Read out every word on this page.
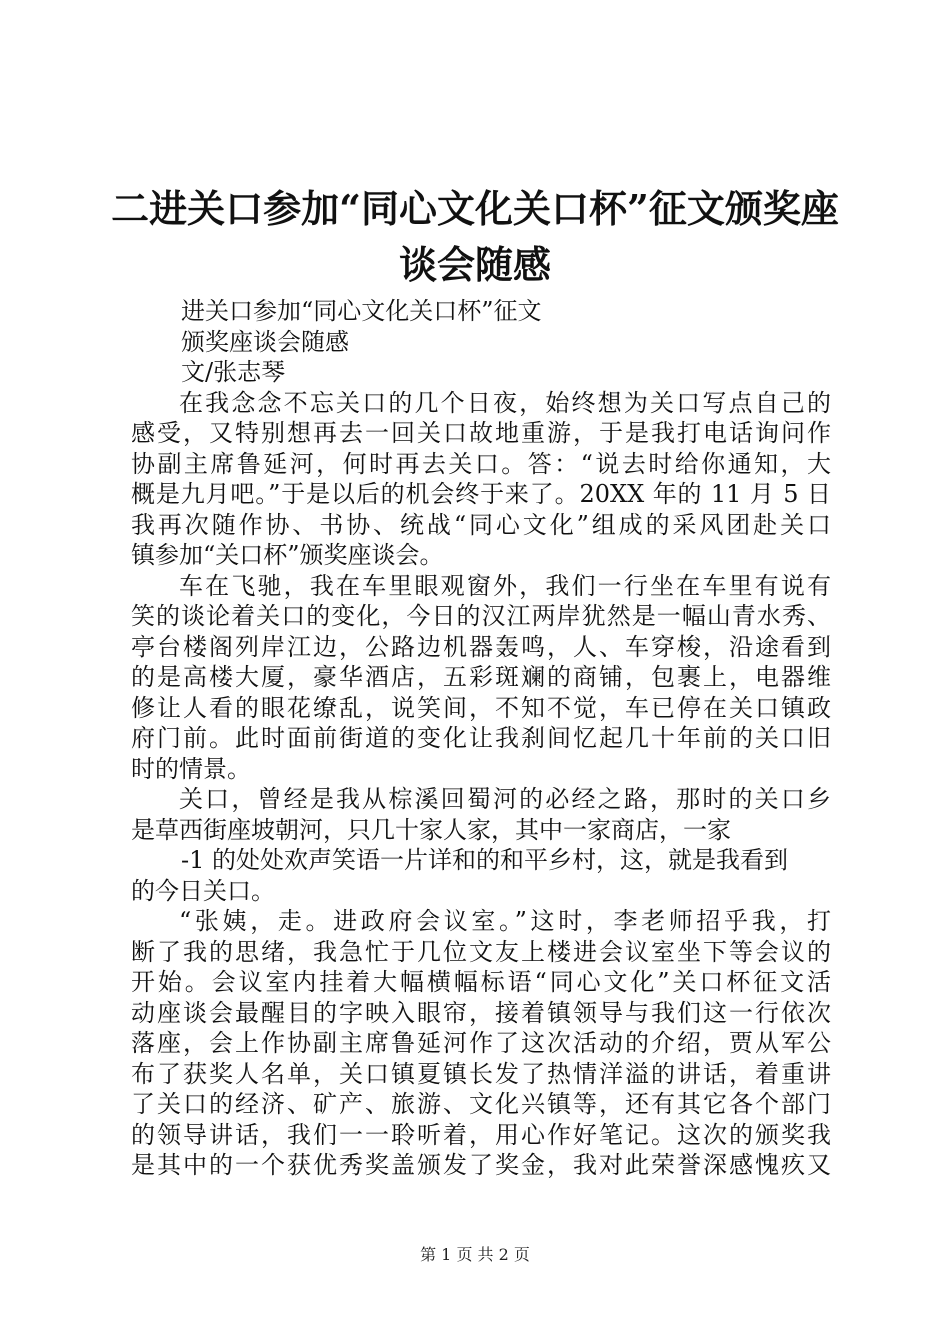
二进关口参加“同心文化关口杯”征文颁奖座
谈会随感
进关口参加“同心文化关口杯”征文
颁奖座谈会随感
文/张志琴
在我念念不忘关口的几个日夜，始终想为关口写点自己的
感受，又特别想再去一回关口故地重游，于是我打电话询问作
协副主席鲁延河，何时再去关口。答：“说去时给你通知，大
概是九月吧。”于是以后的机会终于来了。20XX 年的 11 月 5 日
我再次随作协、书协、统战“同心文化”组成的采风团赴关口
镇参加“关口杯”颁奖座谈会。
车在飞驰，我在车里眼观窗外，我们一行坐在车里有说有
笑的谈论着关口的变化，今日的汉江两岸犹然是一幅山青水秀、
亭台楼阁列岸江边，公路边机器轰鸣，人、车穿梭，沿途看到
的是高楼大厦，豪华酒店，五彩斑斓的商铺，包裹上，电器维
修让人看的眼花缭乱，说笑间，不知不觉，车已停在关口镇政
府门前。此时面前街道的变化让我刹间忆起几十年前的关口旧
时的情景。
关口，曾经是我从棕溪回蜀河的必经之路，那时的关口乡
是草西街座坡朝河，只几十家人家，其中一家商店，一家
-1 的处处欢声笑语一片详和的和平乡村，这，就是我看到
的今日关口。
“张姨，走。进政府会议室。”这时，李老师招乎我，打
断了我的思绪，我急忙于几位文友上楼进会议室坐下等会议的
开始。会议室内挂着大幅横幅标语“同心文化”关口杯征文活
动座谈会最醒目的字映入眼帘，接着镇领导与我们这一行依次
落座，会上作协副主席鲁延河作了这次活动的介绍，贾从军公
布了获奖人名单，关口镇夏镇长发了热情洋溢的讲话，着重讲
了关口的经济、矿产、旅游、文化兴镇等，还有其它各个部门
的领导讲话，我们一一聆听着，用心作好笔记。这次的颁奖我
是其中的一个获优秀奖盖颁发了奖金，我对此荣誉深感愧疚又
第 1 页 共 2 页
